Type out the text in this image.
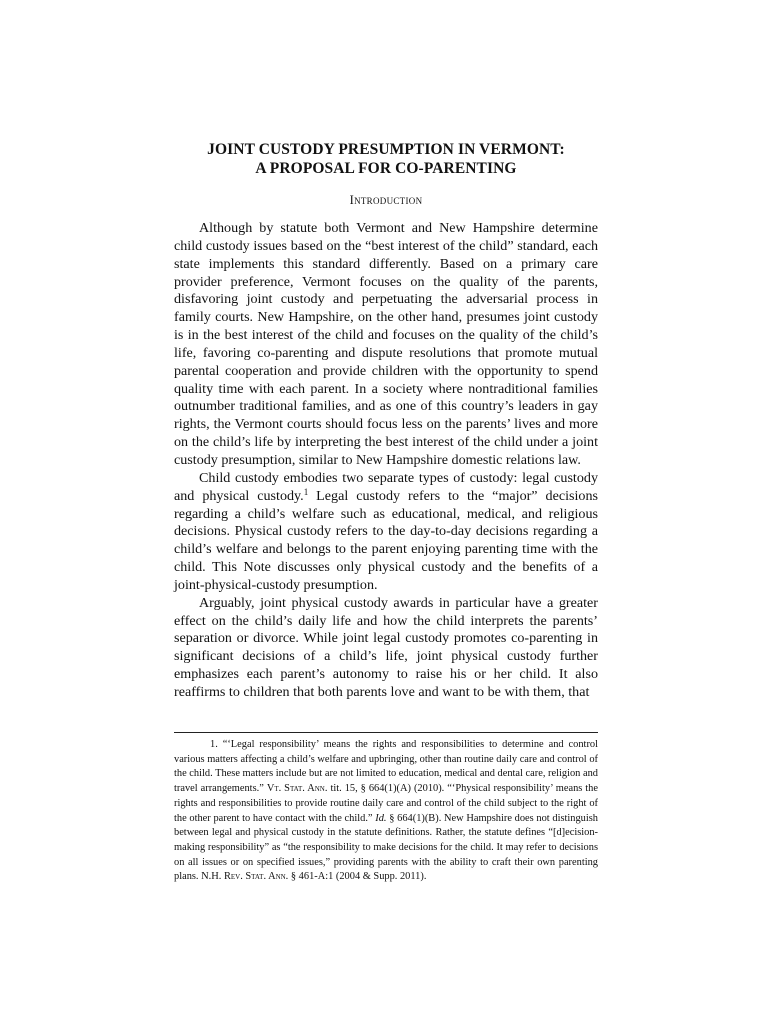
JOINT CUSTODY PRESUMPTION IN VERMONT:
A PROPOSAL FOR CO-PARENTING
Introduction

Although by statute both Vermont and New Hampshire determine child custody issues based on the “best interest of the child” standard, each state implements this standard differently. Based on a primary care provider preference, Vermont focuses on the quality of the parents, disfavoring joint custody and perpetuating the adversarial process in family courts. New Hampshire, on the other hand, presumes joint custody is in the best interest of the child and focuses on the quality of the child’s life, favoring co-parenting and dispute resolutions that promote mutual parental cooperation and provide children with the opportunity to spend quality time with each parent. In a society where nontraditional families outnumber traditional families, and as one of this country’s leaders in gay rights, the Vermont courts should focus less on the parents’ lives and more on the child’s life by interpreting the best interest of the child under a joint custody presumption, similar to New Hampshire domestic relations law.

Child custody embodies two separate types of custody: legal custody and physical custody.$^1$ Legal custody refers to the “major” decisions regarding a child’s welfare such as educational, medical, and religious decisions. Physical custody refers to the day-to-day decisions regarding a child’s welfare and belongs to the parent enjoying parenting time with the child. This Note discusses only physical custody and the benefits of a joint-physical-custody presumption.

Arguably, joint physical custody awards in particular have a greater effect on the child’s daily life and how the child interprets the parents’ separation or divorce. While joint legal custody promotes co-parenting in significant decisions of a child’s life, joint physical custody further emphasizes each parent’s autonomy to raise his or her child. It also reaffirms to children that both parents love and want to be with them, that

1. “‘Legal responsibility’ means the rights and responsibilities to determine and control various matters affecting a child’s welfare and upbringing, other than routine daily care and control of the child. These matters include but are not limited to education, medical and dental care, religion and travel arrangements.” Vt. Stat. Ann. tit. 15, § 664(1)(A) (2010). “‘Physical responsibility’ means the rights and responsibilities to provide routine daily care and control of the child subject to the right of the other parent to have contact with the child.” Id. § 664(1)(B). New Hampshire does not distinguish between legal and physical custody in the statute definitions. Rather, the statute defines “[d]ecision-making responsibility” as “the responsibility to make decisions for the child. It may refer to decisions on all issues or on specified issues,” providing parents with the ability to craft their own parenting plans. N.H. Rev. Stat. Ann. § 461-A:1 (2004 & Supp. 2011).
